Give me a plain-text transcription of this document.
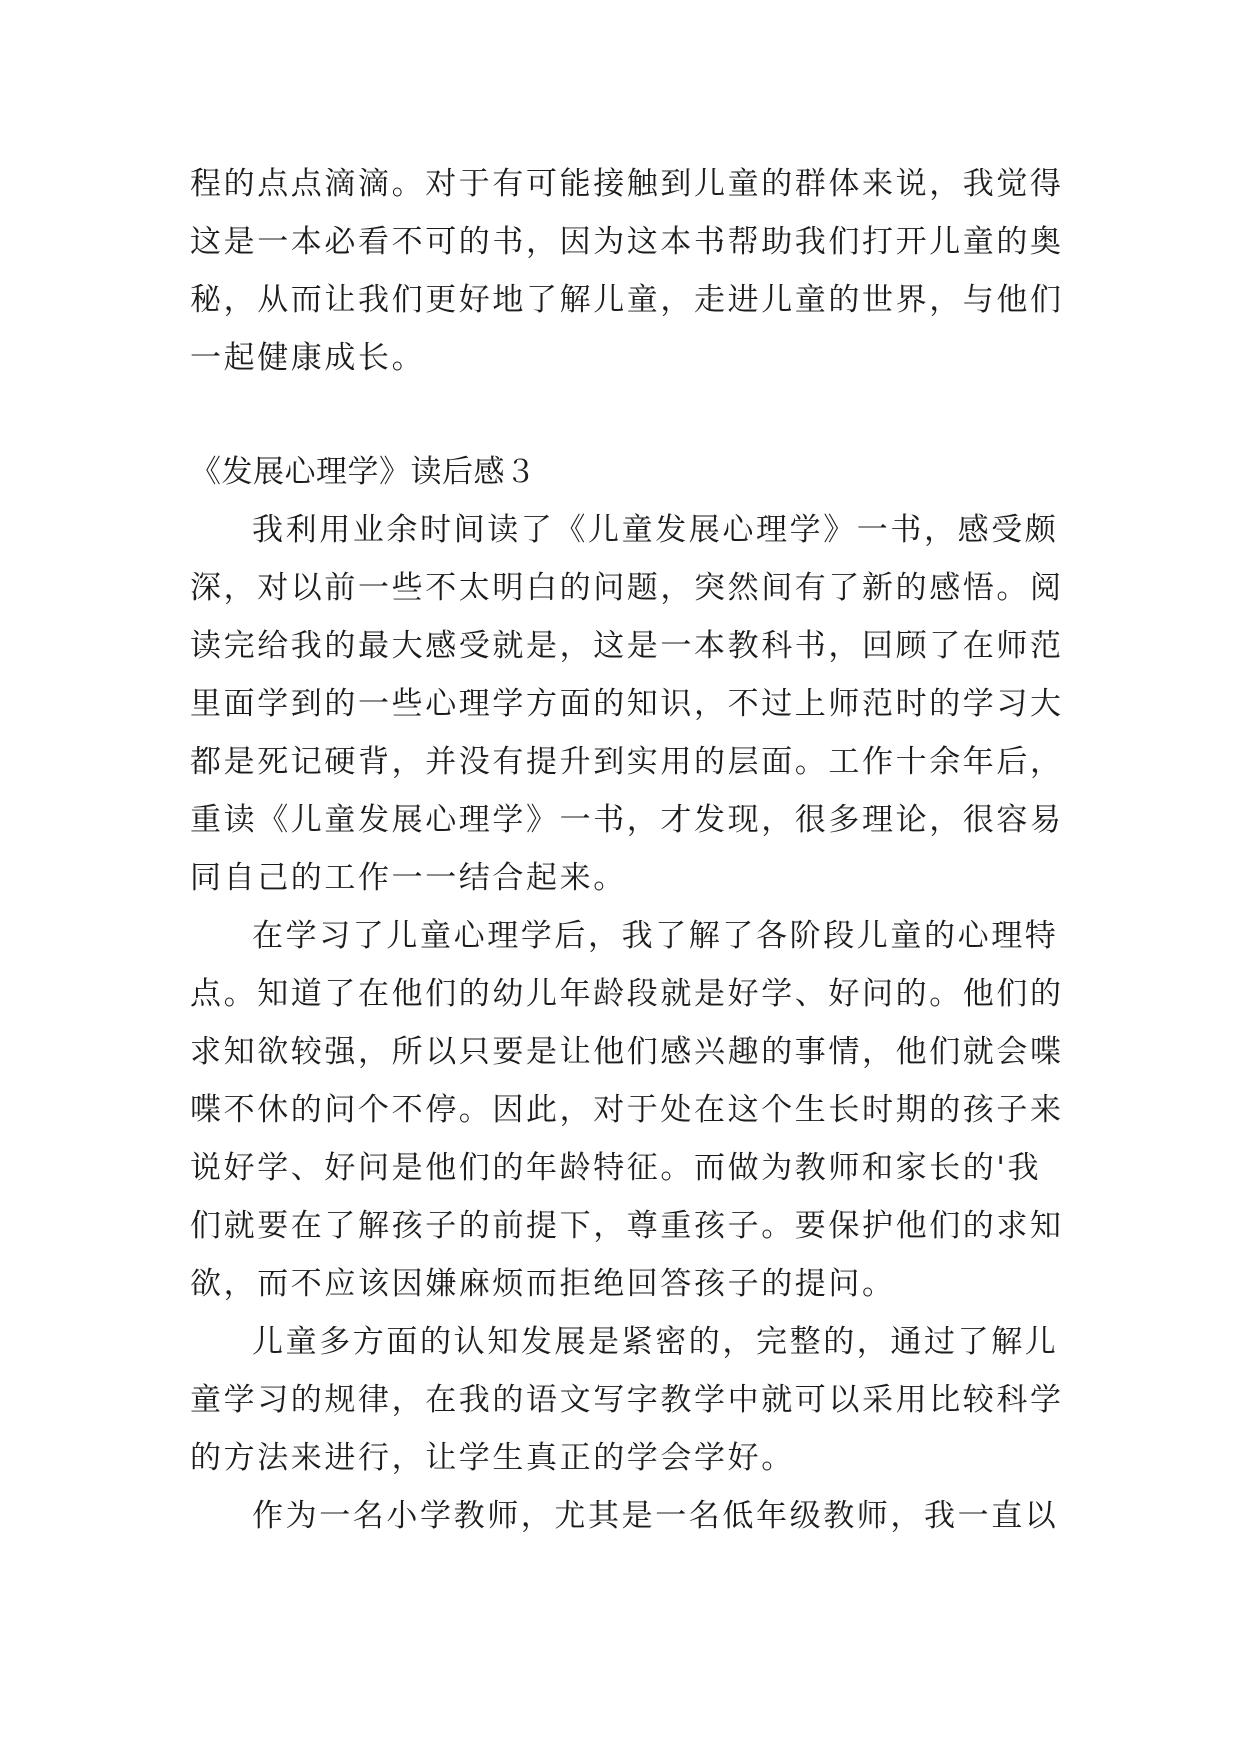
程的点点滴滴。对于有可能接触到儿童的群体来说，我觉得

这是一本必看不可的书，因为这本书帮助我们打开儿童的奥

秘，从而让我们更好地了解儿童，走进儿童的世界，与他们

一起健康成长。

《发展心理学》读后感３

我利用业余时间读了《儿童发展心理学》一书，感受颇

深，对以前一些不太明白的问题，突然间有了新的感悟。阅

读完给我的最大感受就是，这是一本教科书，回顾了在师范

里面学到的一些心理学方面的知识，不过上师范时的学习大

都是死记硬背，并没有提升到实用的层面。工作十余年后，

重读《儿童发展心理学》一书，才发现，很多理论，很容易

同自己的工作一一结合起来。

在学习了儿童心理学后，我了解了各阶段儿童的心理特

点。知道了在他们的幼儿年龄段就是好学、好问的。他们的

求知欲较强，所以只要是让他们感兴趣的事情，他们就会喋

喋不休的问个不停。因此，对于处在这个生长时期的孩子来

说好学、好问是他们的年龄特征。而做为教师和家长的'我

们就要在了解孩子的前提下，尊重孩子。要保护他们的求知

欲，而不应该因嫌麻烦而拒绝回答孩子的提问。

儿童多方面的认知发展是紧密的，完整的，通过了解儿

童学习的规律，在我的语文写字教学中就可以采用比较科学

的方法来进行，让学生真正的学会学好。

作为一名小学教师，尤其是一名低年级教师，我一直以
